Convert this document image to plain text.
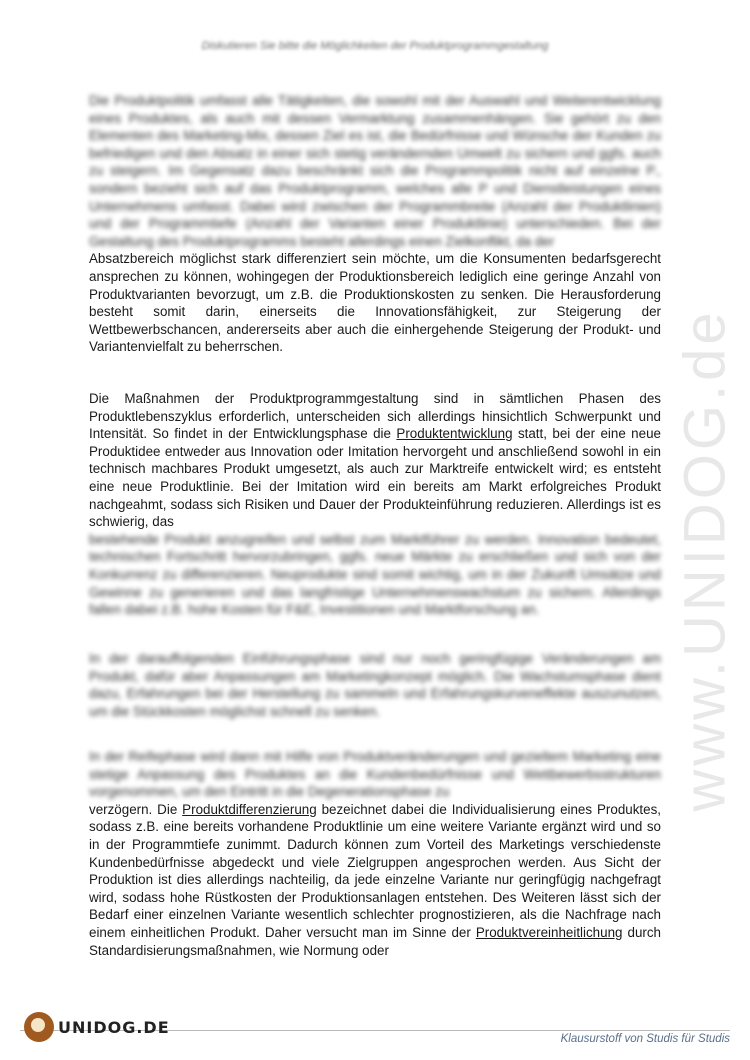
Diskutieren Sie bitte die Möglichkeiten der Produktprogrammgestaltung
www.UNIDOG.de

Die Produktpolitik umfasst alle Tätigkeiten, die sowohl mit der Auswahl und Weiterentwicklung eines Produktes, als auch mit dessen Vermarktung zusammenhängen. Sie gehört zu den Elementen des Marketing-Mix, dessen Ziel es ist, die Bedürfnisse und Wünsche der Kunden zu befriedigen und den Absatz in einer sich stetig verändernden Umwelt zu sichern und ggfs. auch zu steigern. Im Gegensatz dazu beschränkt sich die Programmpolitik nicht auf einzelne P., sondern bezieht sich auf das Produktprogramm, welches alle P und Dienstleistungen eines Unternehmens umfasst. Dabei wird zwischen der Programmbreite (Anzahl der Produktlinien) und der Programmtiefe (Anzahl der Varianten einer Produktlinie) unterschieden. Bei der Gestaltung des Produktprogramms besteht allerdings einen Zielkonflikt, da der

Absatzbereich möglichst stark differenziert sein möchte, um die Konsumenten bedarfsgerecht ansprechen zu können, wohingegen der Produktionsbereich lediglich eine geringe Anzahl von Produktvarianten bevorzugt, um z.B. die Produktionskosten zu senken. Die Herausforderung besteht somit darin, einerseits die Innovationsfähigkeit, zur Steigerung der Wettbewerbschancen, andererseits aber auch die einhergehende Steigerung der Produkt- und Variantenvielfalt zu beherrschen.

Die Maßnahmen der Produktprogrammgestaltung sind in sämtlichen Phasen des Produktlebenszyklus erforderlich, unterscheiden sich allerdings hinsichtlich Schwerpunkt und Intensität. So findet in der Entwicklungsphase die Produktentwicklung statt, bei der eine neue Produktidee entweder aus Innovation oder Imitation hervorgeht und anschließend sowohl in ein technisch machbares Produkt umgesetzt, als auch zur Marktreife entwickelt wird; es entsteht eine neue Produktlinie. Bei der Imitation wird ein bereits am Markt erfolgreiches Produkt nachgeahmt, sodass sich Risiken und Dauer der Produkteinführung reduzieren. Allerdings ist es schwierig, das

bestehende Produkt anzugreifen und selbst zum Marktführer zu werden. Innovation bedeutet, technischen Fortschritt hervorzubringen, ggfs. neue Märkte zu erschließen und sich von der Konkurrenz zu differenzieren. Neuprodukte sind somit wichtig, um in der Zukunft Umsätze und Gewinne zu generieren und das langfristige Unternehmenswachstum zu sichern. Allerdings fallen dabei z.B. hohe Kosten für F&E, Investitionen und Marktforschung an.

In der darauffolgenden Einführungsphase sind nur noch geringfügige Veränderungen am Produkt, dafür aber Anpassungen am Marketingkonzept möglich. Die Wachstumsphase dient dazu, Erfahrungen bei der Herstellung zu sammeln und Erfahrungskurveneffekte auszunutzen, um die Stückkosten möglichst schnell zu senken.

In der Reifephase wird dann mit Hilfe von Produktveränderungen und gezieltem Marketing eine stetige Anpassung des Produktes an die Kundenbedürfnisse und Wettbewerbsstrukturen vorgenommen, um den Eintritt in die Degenerationsphase zu

verzögern. Die Produktdifferenzierung bezeichnet dabei die Individualisierung eines Produktes, sodass z.B. eine bereits vorhandene Produktlinie um eine weitere Variante ergänzt wird und so in der Programmtiefe zunimmt. Dadurch können zum Vorteil des Marketings verschiedenste Kundenbedürfnisse abgedeckt und viele Zielgruppen angesprochen werden. Aus Sicht der Produktion ist dies allerdings nachteilig, da jede einzelne Variante nur geringfügig nachgefragt wird, sodass hohe Rüstkosten der Produktionsanlagen entstehen. Des Weiteren lässt sich der Bedarf einer einzelnen Variante wesentlich schlechter prognostizieren, als die Nachfrage nach einem einheitlichen Produkt. Daher versucht man im Sinne der Produktvereinheitlichung durch Standardisierungsmaßnahmen, wie Normung oder

UNIDOG.DE
Klausurstoff von Studis für Studis
